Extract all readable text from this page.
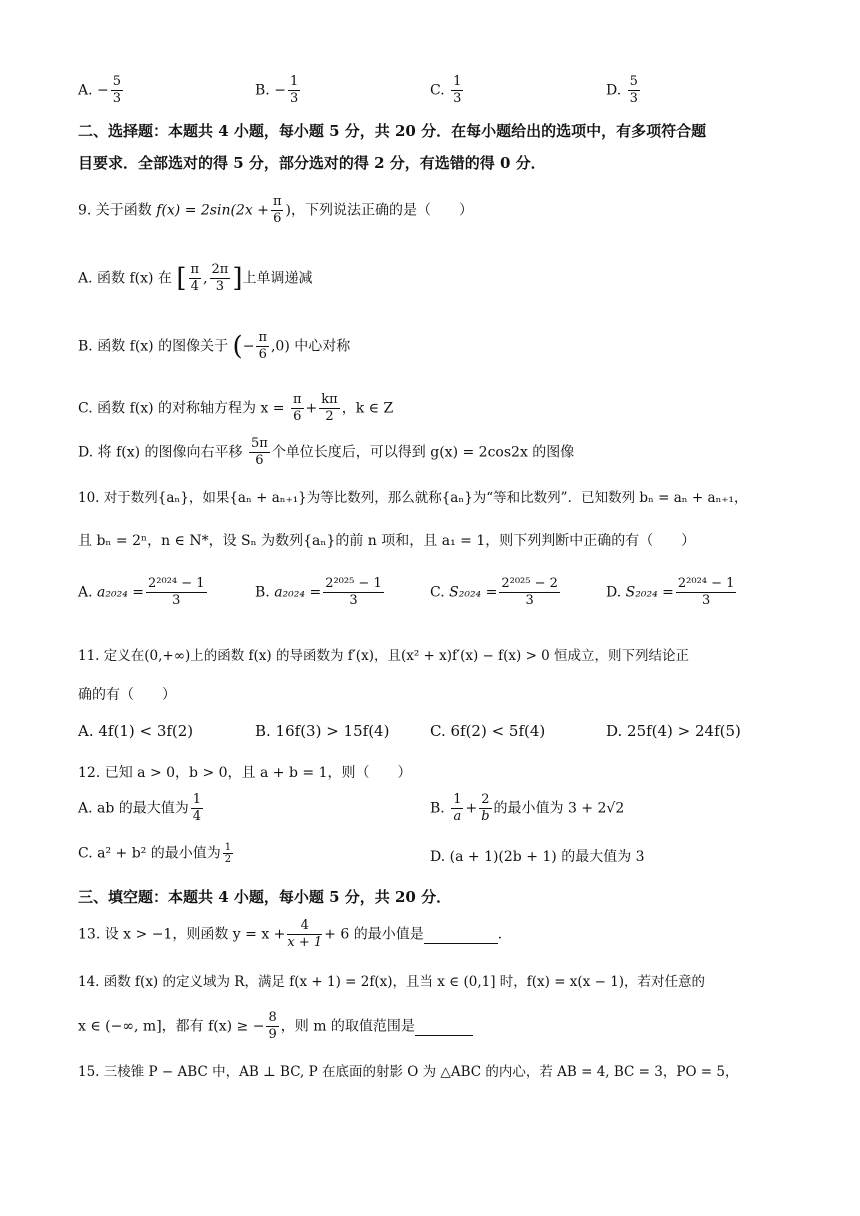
A. − $\frac{5}{3}$	B. − $\frac{1}{3}$	C. $\frac{1}{3}$	D. $\frac{5}{3}$
二、选择题：本题共 4 小题，每小题 5 分，共 20 分．在每小题给出的选项中，有多项符合题
目要求．全部选对的得 5 分，部分选对的得 2 分，有选错的得 0 分．
9. 关于函数 $f(x) = 2\sin(2x + \frac{\pi}{6}$ )，下列说法正确的是（　　）
A. 函数 f(x) 在 [ $\frac{\pi}{4}$ , $\frac{2\pi}{3}$ ]上单调递减
B. 函数 f(x) 的图像关于 (− $\frac{\pi}{6} ,0$) 中心对称
C. 函数 f(x) 的对称轴方程为 $x = \frac{\pi}{6} + \frac{k\pi}{2}$ ，k ∈ Z
D. 将 f(x) 的图像向右平移 $\frac{5\pi}{6}$ 个单位长度后，可以得到 g(x) = 2cos2x 的图像
10. 对于数列{aₙ}，如果{aₙ + aₙ₊₁}为等比数列，那么就称{aₙ}为“等和比数列”．已知数列 bₙ = aₙ + aₙ₊₁，
且 bₙ = 2ⁿ，n ∈ N*，设 Sₙ 为数列{aₙ}的前 n 项和，且 a₁ = 1，则下列判断中正确的有（　　）
A. $a_{2024} = \frac{\text{2²⁰²⁴ − 1}}{3}$	B. $a_{2024} = \frac{\text{2²⁰²⁵ − 1}}{3}$	C. $S_{2024} = \frac{\text{2²⁰²⁵ − 2}}{3}$	D. $S_{2024} = \frac{\text{2²⁰²⁴ − 1}}{3}$
11. 定义在(0,+∞)上的函数 f(x) 的导函数为 f′(x)，且(x² + x)f′(x) − f(x) > 0 恒成立，则下列结论正
确的有（　　）
A. 4f(1) < 3f(2)	B. 16f(3) > 15f(4)	C. 6f(2) < 5f(4)	D. 25f(4) > 24f(5)
12. 已知 a > 0，b > 0，且 a + b = 1，则（　　）
A. ab 的最大值为 $\frac{1}{4}$	B. $\frac{1}{a} + \frac{2}{b}$ 的最小值为 3 + 2√2
C. a² + b² 的最小值为 $\frac{1}{2}$	D. (a + 1)(2b + 1) 的最大值为 3
三、填空题：本题共 4 小题，每小题 5 分，共 20 分．
13. 设 x > −1，则函数 $y = x + \frac{4}{x + 1} + 6$ 的最小值是	．
14. 函数 f(x) 的定义域为 R，满足 f(x + 1) = 2f(x)，且当 x ∈ (0,1] 时，f(x) = x(x − 1)，若对任意的
x ∈ (−∞, m]，都有 f(x) ≥ − $\frac{8}{9}$ ，则 m 的取值范围是
15. 三棱锥 P − ABC 中，AB ⊥ BC, P 在底面的射影 O 为 △ABC 的内心，若 AB = 4, BC = 3，PO = 5，
